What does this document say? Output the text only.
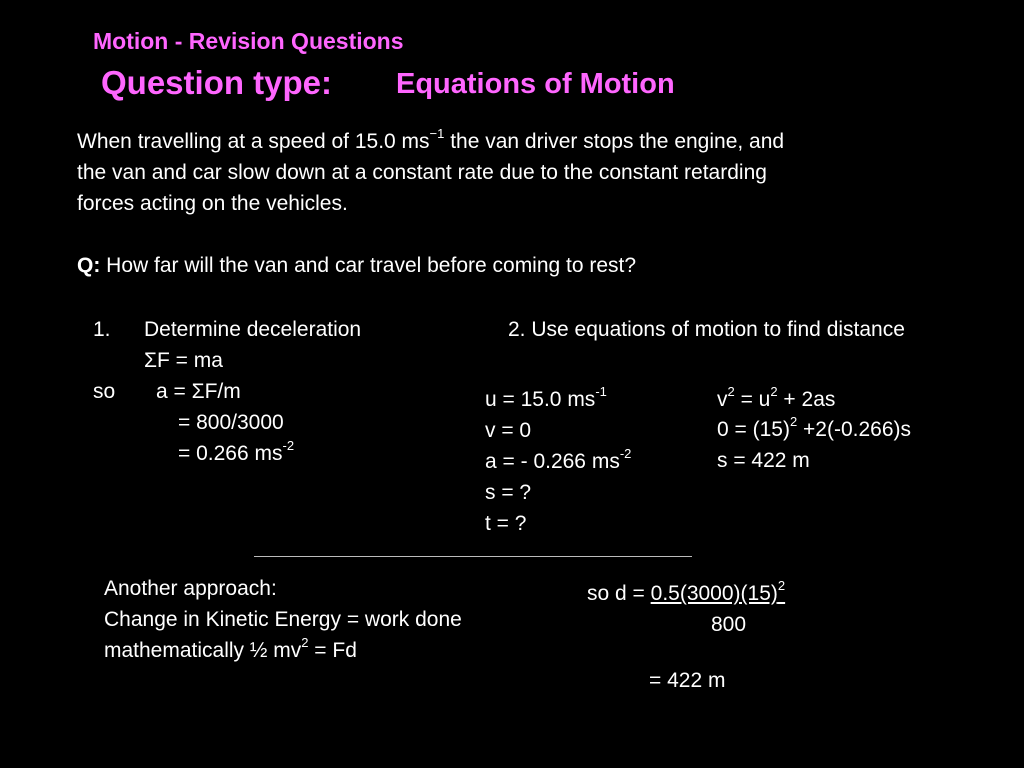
Motion - Revision Questions
Question type: Equations of Motion
When travelling at a speed of 15.0 $ms^{-1}$ the van driver stops the engine, and
the van and car slow down at a constant rate due to the constant retarding
forces acting on the vehicles.
Q: How far will the van and car travel before coming to rest?
1. Determine deceleration
ΣF = ma
so a = ΣF/m
= 800/3000
= 0.266 $ms^{-2}$
2. Use equations of motion to find distance
u = 15.0 $ms^{-1}$
v = 0
a = - 0.266 $ms^{-2}$
s = ?
t = ?
$v^2 = u^2 + 2as$
$0 = (15)^2 +2(-0.266)s$
s = 422 m
Another approach:
Change in Kinetic Energy = work done
mathematically ½ $mv^2 = Fd$
so $d = 0.5(3000)(15)^2$
800
= 422 m
